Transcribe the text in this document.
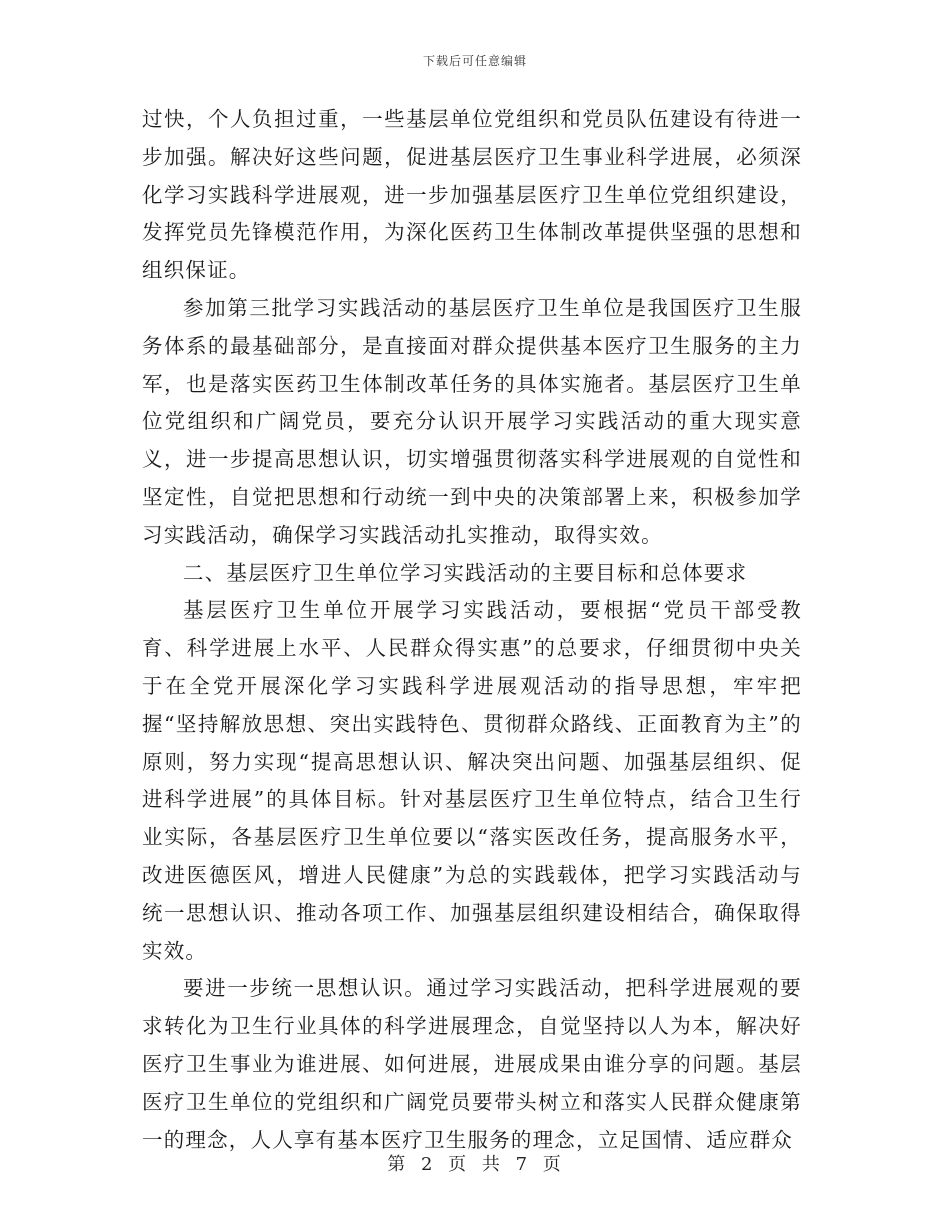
下载后可任意编辑

过快，个人负担过重，一些基层单位党组织和党员队伍建设有待进一步加强。解决好这些问题，促进基层医疗卫生事业科学进展，必须深化学习实践科学进展观，进一步加强基层医疗卫生单位党组织建设，发挥党员先锋模范作用，为深化医药卫生体制改革提供坚强的思想和组织保证。

参加第三批学习实践活动的基层医疗卫生单位是我国医疗卫生服务体系的最基础部分，是直接面对群众提供基本医疗卫生服务的主力军，也是落实医药卫生体制改革任务的具体实施者。基层医疗卫生单位党组织和广阔党员，要充分认识开展学习实践活动的重大现实意义，进一步提高思想认识，切实增强贯彻落实科学进展观的自觉性和坚定性，自觉把思想和行动统一到中央的决策部署上来，积极参加学习实践活动，确保学习实践活动扎实推动，取得实效。

二、基层医疗卫生单位学习实践活动的主要目标和总体要求

基层医疗卫生单位开展学习实践活动，要根据“党员干部受教育、科学进展上水平、人民群众得实惠”的总要求，仔细贯彻中央关于在全党开展深化学习实践科学进展观活动的指导思想，牢牢把握“坚持解放思想、突出实践特色、贯彻群众路线、正面教育为主”的原则，努力实现“提高思想认识、解决突出问题、加强基层组织、促进科学进展”的具体目标。针对基层医疗卫生单位特点，结合卫生行业实际，各基层医疗卫生单位要以“落实医改任务，提高服务水平，改进医德医风，增进人民健康”为总的实践载体，把学习实践活动与统一思想认识、推动各项工作、加强基层组织建设相结合，确保取得实效。

要进一步统一思想认识。通过学习实践活动，把科学进展观的要求转化为卫生行业具体的科学进展理念，自觉坚持以人为本，解决好医疗卫生事业为谁进展、如何进展，进展成果由谁分享的问题。基层医疗卫生单位的党组织和广阔党员要带头树立和落实人民群众健康第一的理念，人人享有基本医疗卫生服务的理念，立足国情、适应群众

第 2 页 共 7 页
